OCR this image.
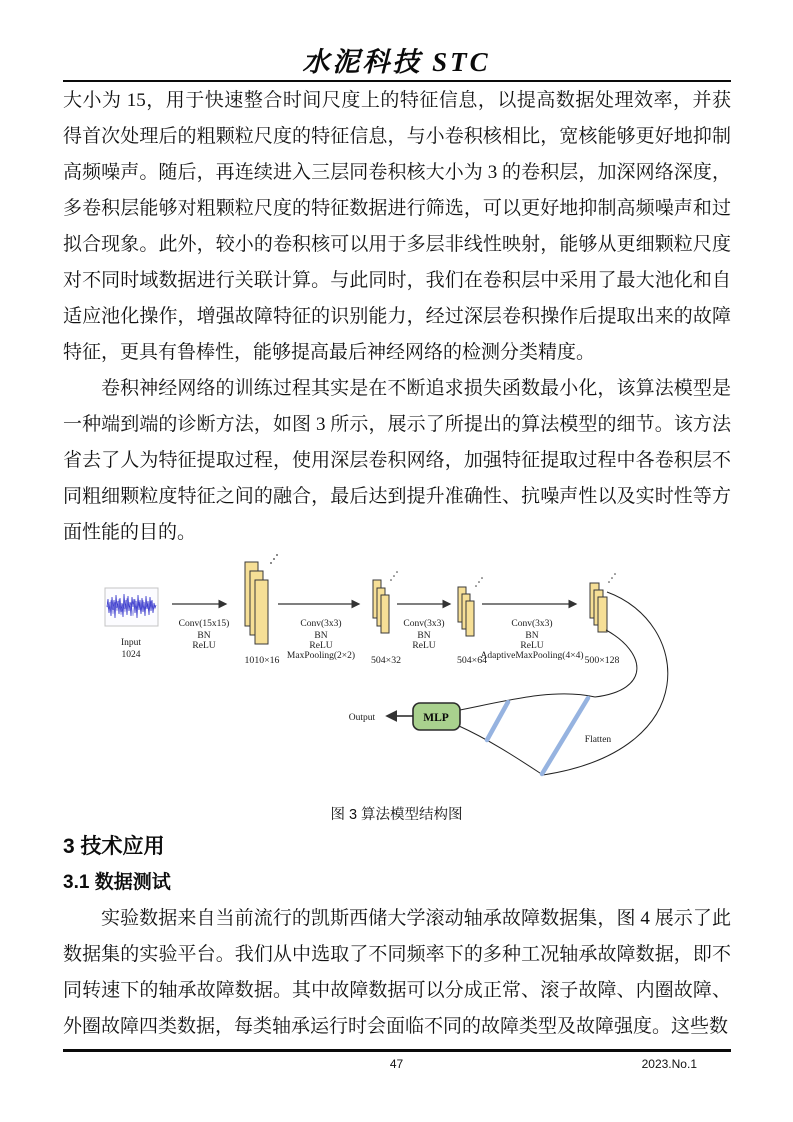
水泥科技 STC

大小为 15，用于快速整合时间尺度上的特征信息，以提高数据处理效率，并获得首次处理后的粗颗粒尺度的特征信息，与小卷积核相比，宽核能够更好地抑制高频噪声。随后，再连续进入三层同卷积核大小为 3 的卷积层，加深网络深度，多卷积层能够对粗颗粒尺度的特征数据进行筛选，可以更好地抑制高频噪声和过拟合现象。此外，较小的卷积核可以用于多层非线性映射，能够从更细颗粒尺度对不同时域数据进行关联计算。与此同时，我们在卷积层中采用了最大池化和自适应池化操作，增强故障特征的识别能力，经过深层卷积操作后提取出来的故障特征，更具有鲁棒性，能够提高最后神经网络的检测分类精度。

卷积神经网络的训练过程其实是在不断追求损失函数最小化，该算法模型是一种端到端的诊断方法，如图 3 所示，展示了所提出的算法模型的细节。该方法省去了人为特征提取过程，使用深层卷积网络，加强特征提取过程中各卷积层不同粗细颗粒度特征之间的融合，最后达到提升准确性、抗噪声性以及实时性等方面性能的目的。

Input
1024
Conv(15x15)
BN
ReLU
1010×16
Conv(3x3)
BN
ReLU
MaxPooling(2×2) 504×32
Conv(3x3)
BN
ReLU
504×64
Conv(3x3)
BN
ReLU
AdaptiveMaxPooling(4×4) 500×128
Flatten
MLP
Output
图 3 算法模型结构图
3 技术应用
3.1 数据测试

实验数据来自当前流行的凯斯西储大学滚动轴承故障数据集，图 4 展示了此数据集的实验平台。我们从中选取了不同频率下的多种工况轴承故障数据，即不同转速下的轴承故障数据。其中故障数据可以分成正常、滚子故障、内圈故障、外圈故障四类数据，每类轴承运行时会面临不同的故障类型及故障强度。这些数

47	2023.No.1
